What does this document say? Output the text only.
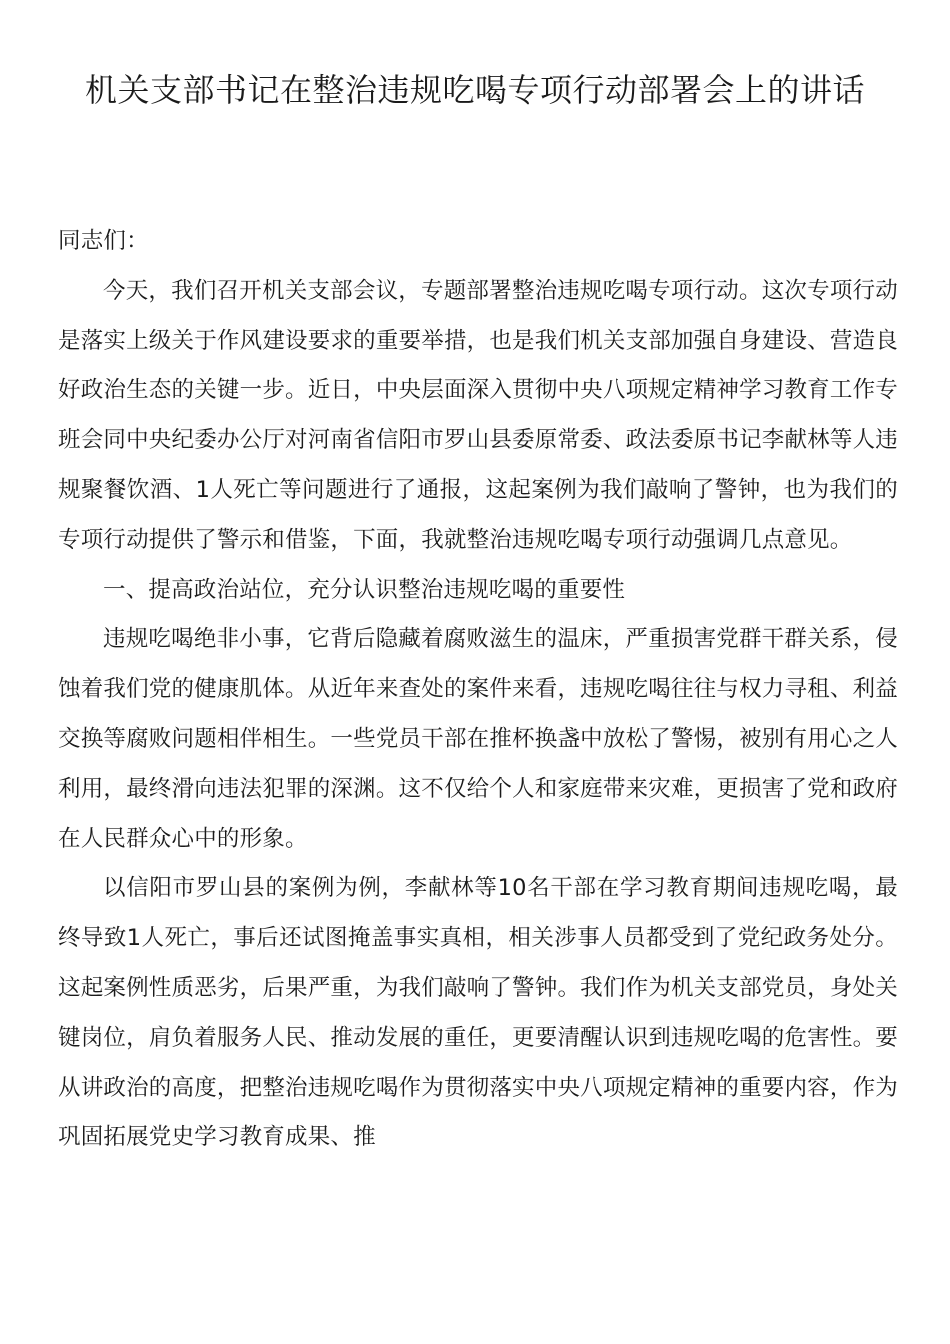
机关支部书记在整治违规吃喝专项行动部署会上的讲话

同志们：

今天，我们召开机关支部会议，专题部署整治违规吃喝专项行动。这次专项行动是落实上级关于作风建设要求的重要举措，也是我们机关支部加强自身建设、营造良好政治生态的关键一步。近日，中央层面深入贯彻中央八项规定精神学习教育工作专班会同中央纪委办公厅对河南省信阳市罗山县委原常委、政法委原书记李献林等人违规聚餐饮酒、1人死亡等问题进行了通报，这起案例为我们敲响了警钟，也为我们的专项行动提供了警示和借鉴，下面，我就整治违规吃喝专项行动强调几点意见。

一、提高政治站位，充分认识整治违规吃喝的重要性

违规吃喝绝非小事，它背后隐藏着腐败滋生的温床，严重损害党群干群关系，侵蚀着我们党的健康肌体。从近年来查处的案件来看，违规吃喝往往与权力寻租、利益交换等腐败问题相伴相生。一些党员干部在推杯换盏中放松了警惕，被别有用心之人利用，最终滑向违法犯罪的深渊。这不仅给个人和家庭带来灾难，更损害了党和政府在人民群众心中的形象。

以信阳市罗山县的案例为例，李献林等10名干部在学习教育期间违规吃喝，最终导致1人死亡，事后还试图掩盖事实真相，相关涉事人员都受到了党纪政务处分。这起案例性质恶劣，后果严重，为我们敲响了警钟。我们作为机关支部党员，身处关键岗位，肩负着服务人民、推动发展的重任，更要清醒认识到违规吃喝的危害性。要从讲政治的高度，把整治违规吃喝作为贯彻落实中央八项规定精神的重要内容，作为巩固拓展党史学习教育成果、推
